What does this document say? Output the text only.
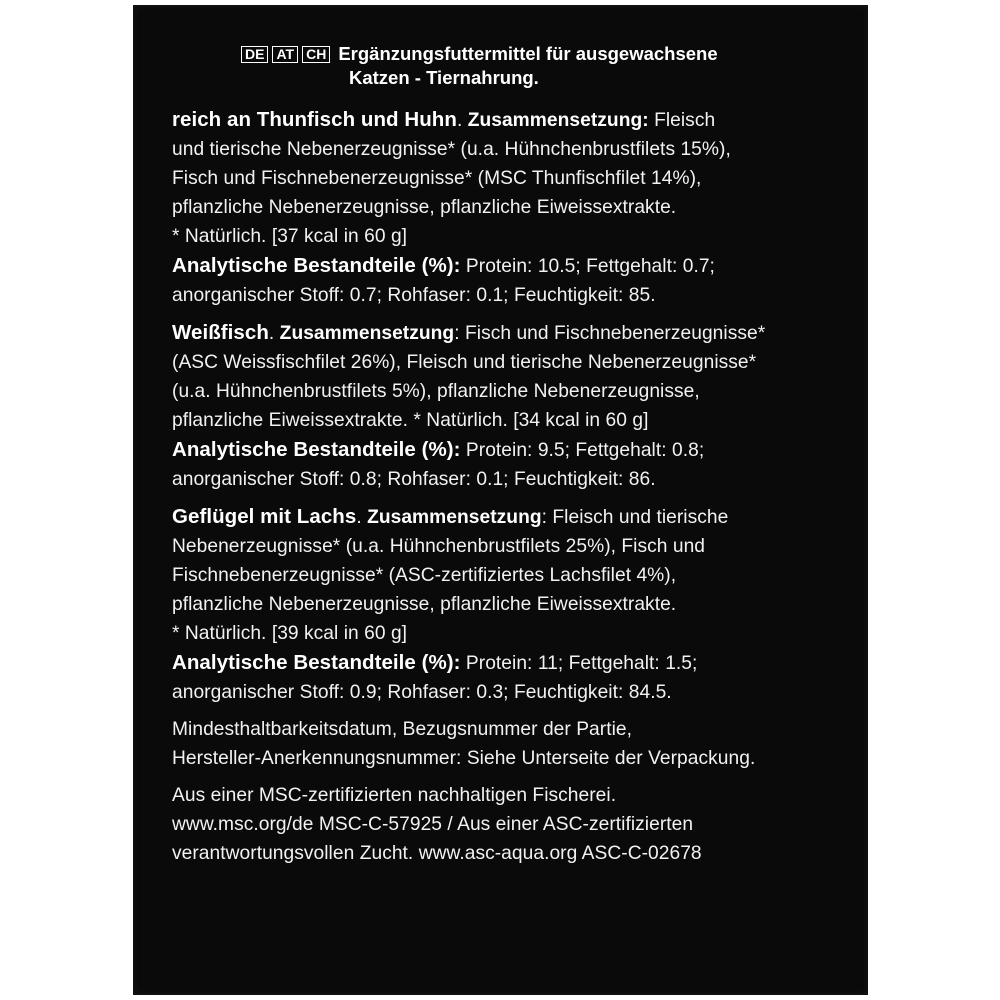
DE AT CH Ergänzungsfuttermittel für ausgewachsene
Katzen - Tiernahrung.
reich an Thunfisch und Huhn. Zusammensetzung: Fleisch
und tierische Nebenerzeugnisse* (u.a. Hühnchenbrustfilets 15%),
Fisch und Fischnebenerzeugnisse* (MSC Thunfischfilet 14%),
pflanzliche Nebenerzeugnisse, pflanzliche Eiweissextrakte.
* Natürlich. [37 kcal in 60 g]
Analytische Bestandteile (%): Protein: 10.5; Fettgehalt: 0.7;
anorganischer Stoff: 0.7; Rohfaser: 0.1; Feuchtigkeit: 85.
Weißfisch. Zusammensetzung: Fisch und Fischnebenerzeugnisse*
(ASC Weissfischfilet 26%), Fleisch und tierische Nebenerzeugnisse*
(u.a. Hühnchenbrustfilets 5%), pflanzliche Nebenerzeugnisse,
pflanzliche Eiweissextrakte. * Natürlich. [34 kcal in 60 g]
Analytische Bestandteile (%): Protein: 9.5; Fettgehalt: 0.8;
anorganischer Stoff: 0.8; Rohfaser: 0.1; Feuchtigkeit: 86.
Geflügel mit Lachs. Zusammensetzung: Fleisch und tierische
Nebenerzeugnisse* (u.a. Hühnchenbrustfilets 25%), Fisch und
Fischnebenerzeugnisse* (ASC-zertifiziertes Lachsfilet 4%),
pflanzliche Nebenerzeugnisse, pflanzliche Eiweissextrakte.
* Natürlich. [39 kcal in 60 g]
Analytische Bestandteile (%): Protein: 11; Fettgehalt: 1.5;
anorganischer Stoff: 0.9; Rohfaser: 0.3; Feuchtigkeit: 84.5.
Mindesthaltbarkeitsdatum, Bezugsnummer der Partie,
Hersteller-Anerkennungsnummer: Siehe Unterseite der Verpackung.
Aus einer MSC-zertifizierten nachhaltigen Fischerei.
www.msc.org/de MSC-C-57925 / Aus einer ASC-zertifizierten
verantwortungsvollen Zucht. www.asc-aqua.org ASC-C-02678
